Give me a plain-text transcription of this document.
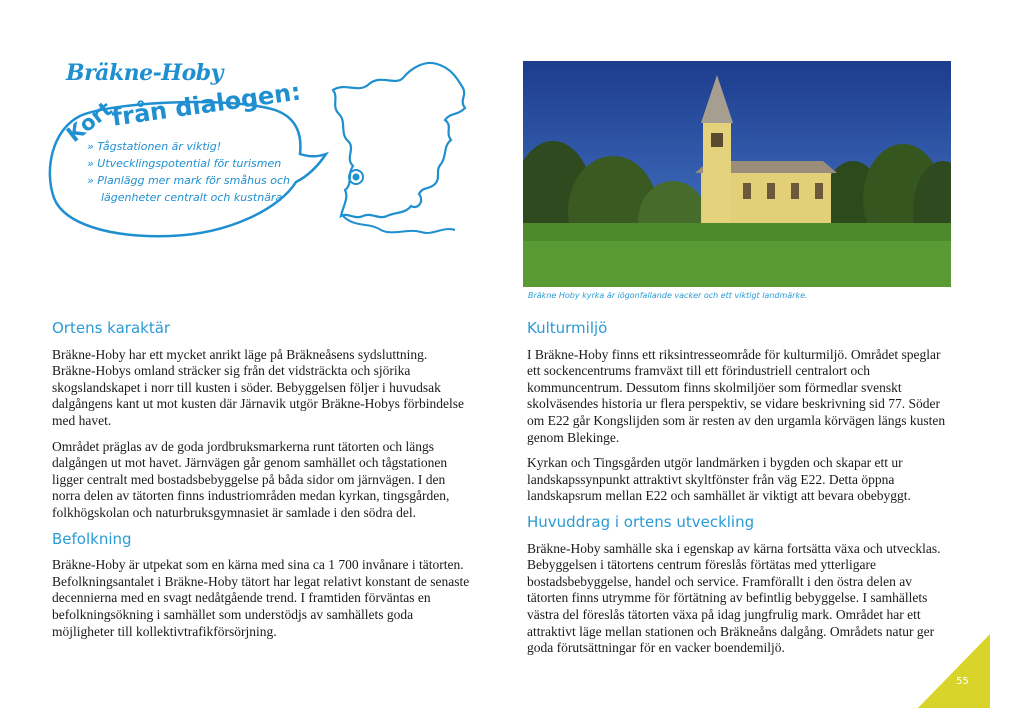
Bräkne-Hoby
Kort
från dialogen:
» Tågstationen är viktig!
» Utvecklingspotential för turismen
» Planlägg mer mark för småhus och
lägenheter centralt och kustnära
Bräkne Hoby kyrka är iögonfallande vacker och ett viktigt landmärke.
Ortens karaktär

Bräkne-Hoby har ett mycket anrikt läge på Bräkneåsens sydsluttning. Bräkne-Hobys omland sträcker sig från det vidsträckta och sjörika skogslandskapet i norr till kusten i söder. Bebyggelsen följer i huvudsak dalgångens kant ut mot kusten där Järnavik utgör Bräkne-Hobys förbindelse med havet.

Området präglas av de goda jordbruksmarkerna runt tätorten och längs dalgången ut mot havet. Järnvägen går genom samhället och tågstationen ligger centralt med bostadsbebyggelse på båda sidor om järnvägen. I den norra delen av tätorten finns industriområden medan kyrkan, tingsgården, folkhögskolan och naturbruksgymnasiet är samlade i den södra del.

Befolkning

Bräkne-Hoby är utpekat som en kärna med sina ca 1 700 invånare i tätorten. Befolkningsantalet i Bräkne-Hoby tätort har legat relativt konstant de senaste decennierna med en svagt nedåtgående trend. I framtiden förväntas en befolkningsökning i samhället som understödjs av samhällets goda möjligheter till kollektivtrafikförsörjning.

Kulturmiljö

I Bräkne-Hoby finns ett riksintresseområde för kulturmiljö. Området speglar ett sockencentrums framväxt till ett förindustriell centralort och kommuncentrum. Dessutom finns skolmiljöer som förmedlar svenskt skolväsendes historia ur flera perspektiv, se vidare beskrivning sid 77. Söder om E22 går Kongslijden som är resten av den urgamla körvägen längs kusten genom Blekinge.

Kyrkan och Tingsgården utgör landmärken i bygden och skapar ett ur landskapssynpunkt attraktivt skyltfönster från väg E22. Detta öppna landskapsrum mellan E22 och samhället är viktigt att bevara obebyggt.

Huvuddrag i ortens utveckling

Bräkne-Hoby samhälle ska i egenskap av kärna fortsätta växa och utvecklas. Bebyggelsen i tätortens centrum föreslås förtätas med ytterligare bostadsbebyggelse, handel och service. Framförallt i den östra delen av tätorten finns utrymme för förtätning av befintlig bebyggelse. I samhällets västra del föreslås tätorten växa på idag jungfrulig mark. Området har ett attraktivt läge mellan stationen och Bräkneåns dalgång. Områdets natur ger goda förutsättningar för en vacker boendemiljö.

55
